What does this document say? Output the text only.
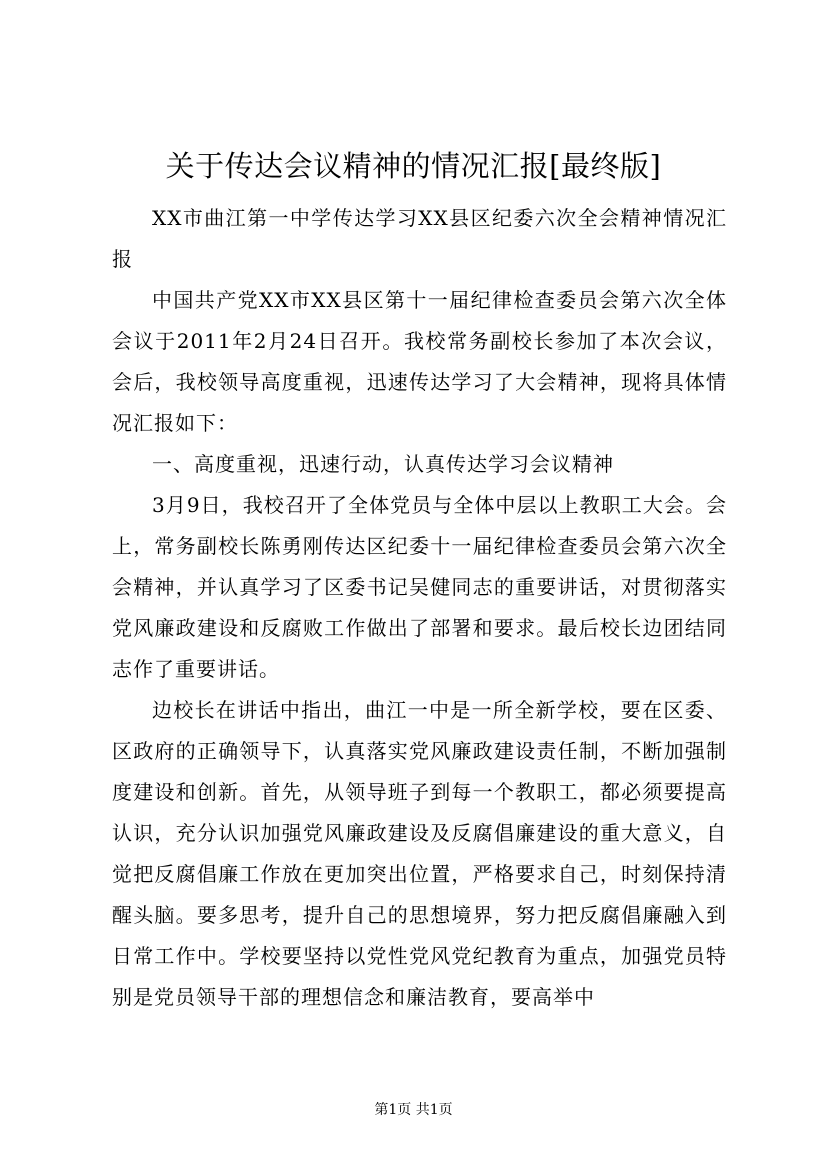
关于传达会议精神的情况汇报[最终版]

XX市曲江第一中学传达学习XX县区纪委六次全会精神情况汇报

中国共产党XX市XX县区第十一届纪律检查委员会第六次全体会议于2011年2月24日召开。我校常务副校长参加了本次会议，会后，我校领导高度重视，迅速传达学习了大会精神，现将具体情况汇报如下：

一、高度重视，迅速行动，认真传达学习会议精神

3月9日，我校召开了全体党员与全体中层以上教职工大会。会上，常务副校长陈勇刚传达区纪委十一届纪律检查委员会第六次全会精神，并认真学习了区委书记吴健同志的重要讲话，对贯彻落实党风廉政建设和反腐败工作做出了部署和要求。最后校长边团结同志作了重要讲话。

边校长在讲话中指出，曲江一中是一所全新学校，要在区委、区政府的正确领导下，认真落实党风廉政建设责任制，不断加强制度建设和创新。首先，从领导班子到每一个教职工，都必须要提高认识，充分认识加强党风廉政建设及反腐倡廉建设的重大意义，自觉把反腐倡廉工作放在更加突出位置，严格要求自己，时刻保持清醒头脑。要多思考，提升自己的思想境界，努力把反腐倡廉融入到日常工作中。学校要坚持以党性党风党纪教育为重点，加强党员特别是党员领导干部的理想信念和廉洁教育，要高举中

第1页 共1页
